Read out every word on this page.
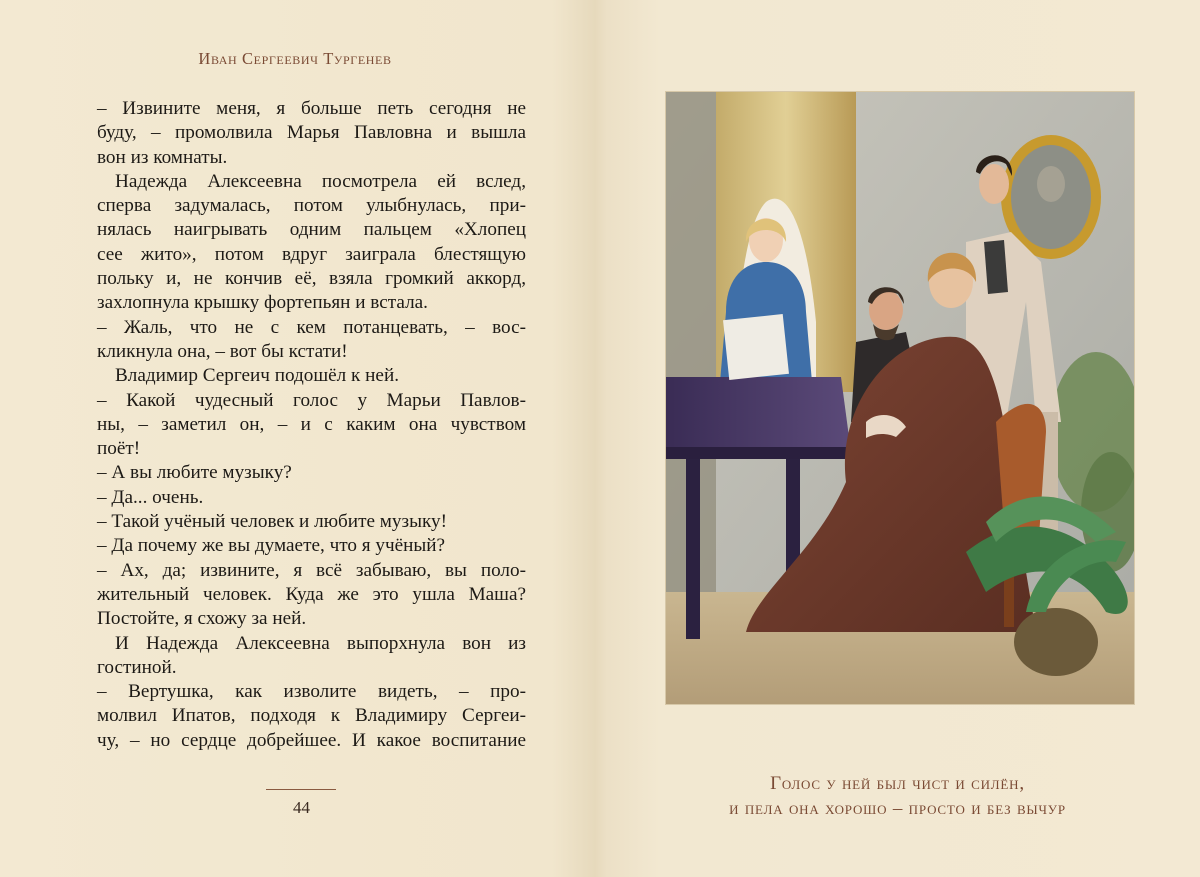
Иван Сергеевич Тургенев
– Извините меня, я больше петь сегодня не
буду, – промолвила Марья Павловна и вышла
вон из комнаты.
Надежда Алексеевна посмотрела ей вслед,
сперва задумалась, потом улыбнулась, при-
нялась наигрывать одним пальцем «Хлопец
сее жито», потом вдруг заиграла блестящую
польку и, не кончив её, взяла громкий аккорд,
захлопнула крышку фортепьян и встала.
– Жаль, что не с кем потанцевать, – вос-
кликнула она, – вот бы кстати!
Владимир Сергеич подошёл к ней.
– Какой чудесный голос у Марьи Павлов-
ны, – заметил он, – и с каким она чувством
поёт!
– А вы любите музыку?
– Да... очень.
– Такой учёный человек и любите музыку!
– Да почему же вы думаете, что я учёный?
– Ах, да; извините, я всё забываю, вы поло-
жительный человек. Куда же это ушла Маша?
Постойте, я схожу за ней.
И Надежда Алексеевна выпорхнула вон из
гостиной.
– Вертушка, как изволите видеть, – про-
молвил Ипатов, подходя к Владимиру Сергеи-
чу, – но сердце добрейшее. И какое воспитание
44
Голос у ней был чист и силён,
и пела она хорошо – просто и без вычур
